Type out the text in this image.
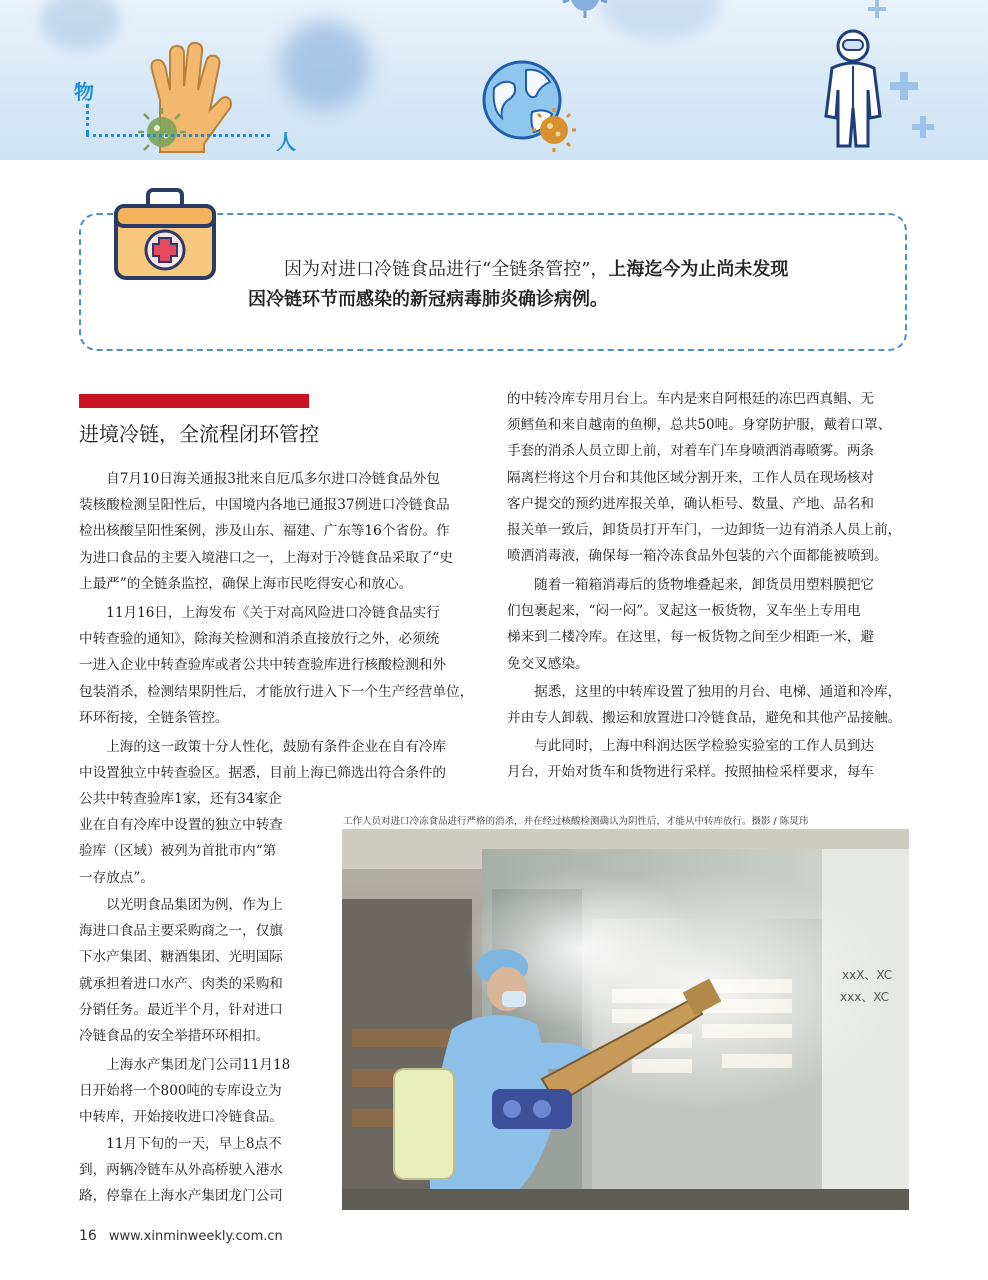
物
人
因为对进口冷链食品进行“全链条管控”，上海迄今为止尚未发现
因冷链环节而感染的新冠病毒肺炎确诊病例。
进境冷链，全流程闭环管控
　　自7月10日海关通报3批来自厄瓜多尔进口冷链食品外包
装核酸检测呈阳性后，中国境内各地已通报37例进口冷链食品
检出核酸呈阳性案例，涉及山东、福建、广东等16个省份。作
为进口食品的主要入境港口之一，上海对于冷链食品采取了“史
上最严”的全链条监控，确保上海市民吃得安心和放心。
　　11月16日，上海发布《关于对高风险进口冷链食品实行
中转查验的通知》，除海关检测和消杀直接放行之外，必须统
一进入企业中转查验库或者公共中转查验库进行核酸检测和外
包装消杀，检测结果阴性后，才能放行进入下一个生产经营单位，
环环衔接，全链条管控。
　　上海的这一政策十分人性化，鼓励有条件企业在自有冷库
中设置独立中转查验区。据悉，目前上海已筛选出符合条件的
公共中转查验库1家，还有34家企
业在自有冷库中设置的独立中转查
验库（区域）被列为首批市内“第
一存放点”。
　　以光明食品集团为例，作为上
海进口食品主要采购商之一，仅旗
下水产集团、糖酒集团、光明国际
就承担着进口水产、肉类的采购和
分销任务。最近半个月，针对进口
冷链食品的安全举措环环相扣。
　　上海水产集团龙门公司11月18
日开始将一个800吨的专库设立为
中转库，开始接收进口冷链食品。
　　11月下旬的一天，早上8点不
到，两辆冷链车从外高桥驶入港水
路，停靠在上海水产集团龙门公司
的中转冷库专用月台上。车内是来自阿根廷的冻巴西真鲳、无
须鳕鱼和来自越南的鱼柳，总共50吨。身穿防护服，戴着口罩、
手套的消杀人员立即上前，对着车门车身喷洒消毒喷雾。两条
隔离栏将这个月台和其他区域分割开来，工作人员在现场核对
客户提交的预约进库报关单，确认柜号、数量、产地、品名和
报关单一致后，卸货员打开车门，一边卸货一边有消杀人员上前，
喷洒消毒液，确保每一箱冷冻食品外包装的六个面都能被喷到。
　　随着一箱箱消毒后的货物堆叠起来，卸货员用塑料膜把它
们包裹起来，“闷一闷”。叉起这一板货物，叉车坐上专用电
梯来到二楼冷库。在这里，每一板货物之间至少相距一米，避
免交叉感染。
　　据悉，这里的中转库设置了独用的月台、电梯、通道和冷库，
并由专人卸载、搬运和放置进口冷链食品，避免和其他产品接触。
　　与此同时，上海中科润达医学检验实验室的工作人员到达
月台，开始对货车和货物进行采样。按照抽检采样要求，每车
工作人员对进口冷冻食品进行严格的消杀，并在经过核酸检测确认为阴性后，才能从中转库放行。摄影 / 陈炅玮
xxX、XC
xxx、XC
16 www.xinminweekly.com.cn
